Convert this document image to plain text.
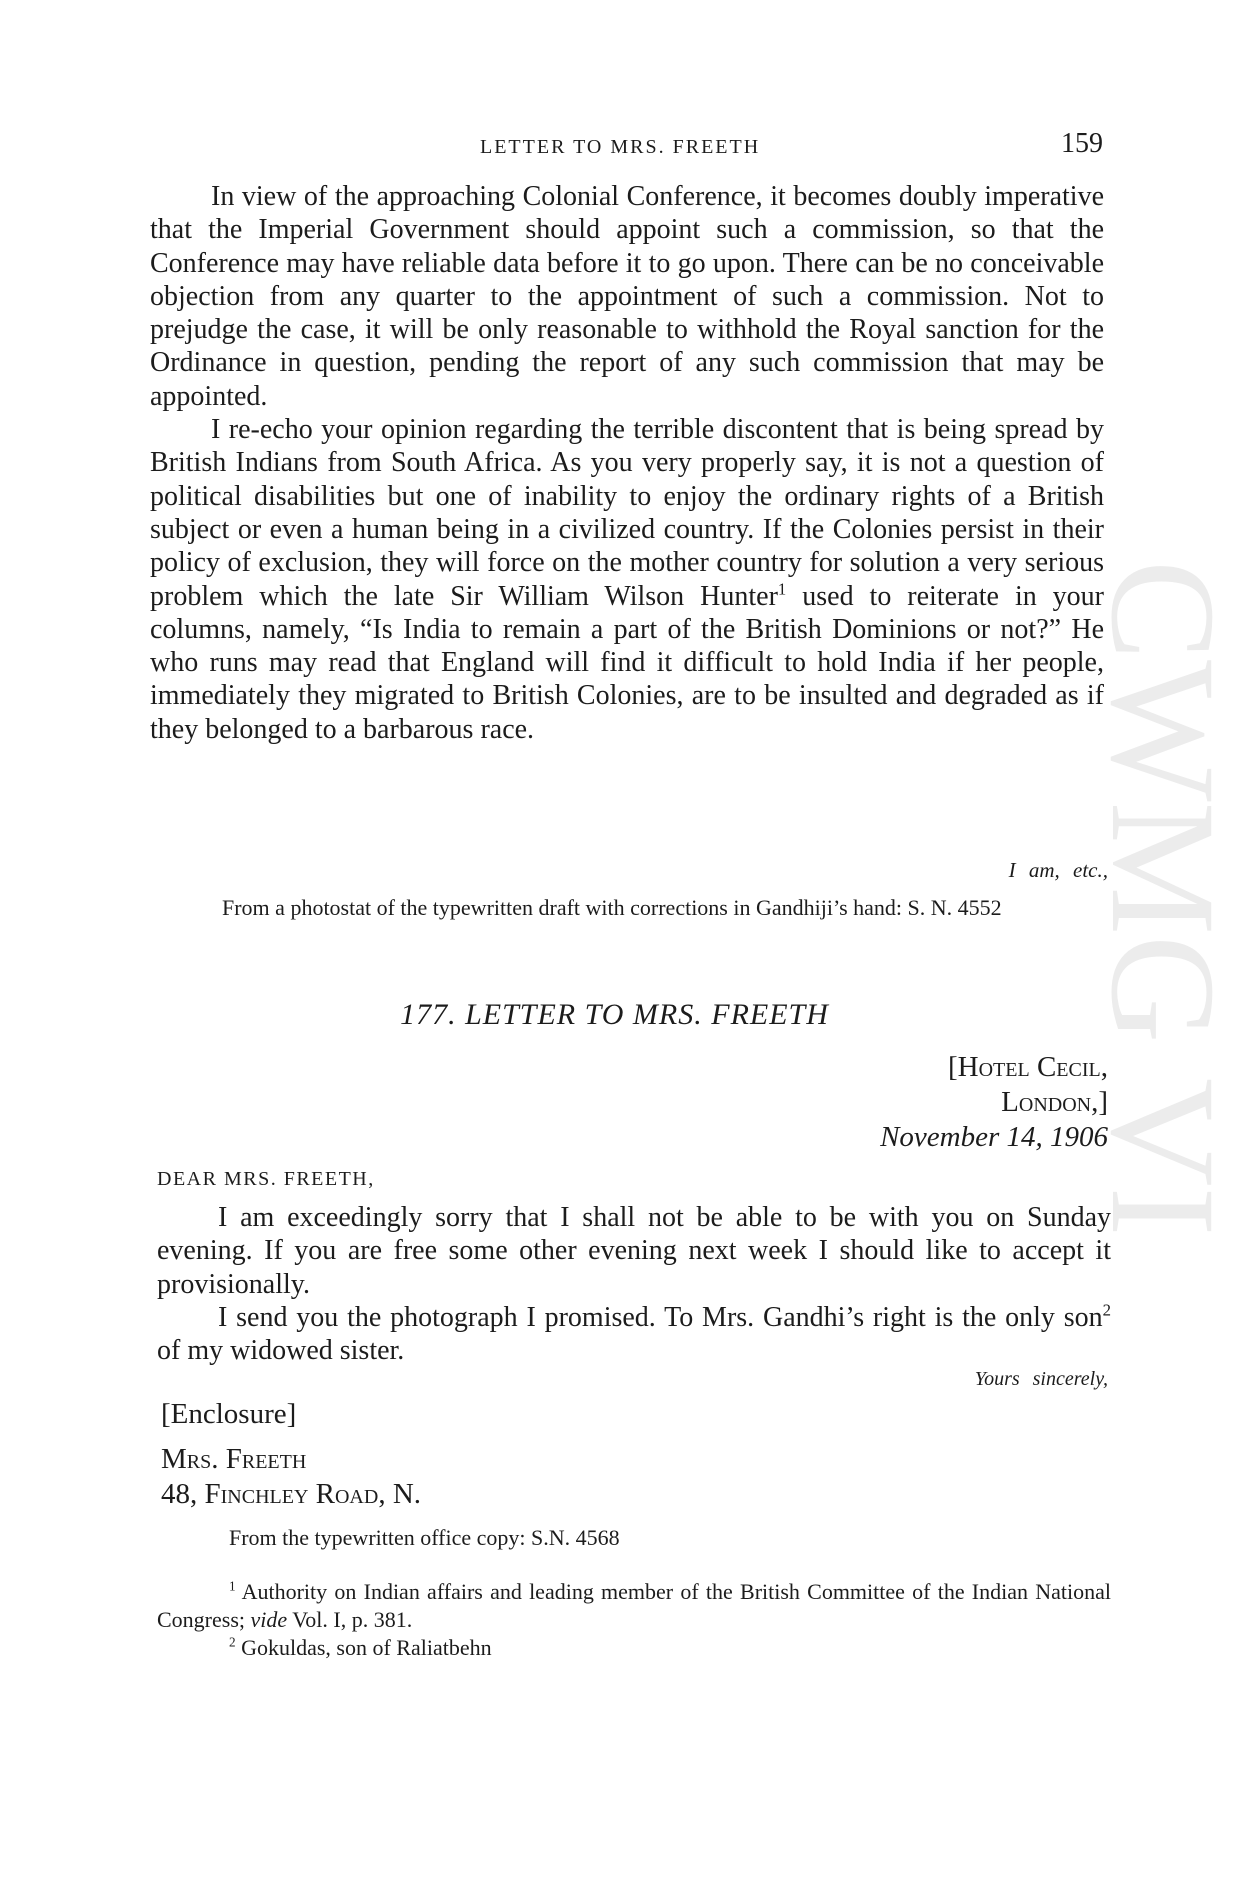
CWMG VI
LETTER TO MRS. FREETH	159

In view of the approaching Colonial Conference, it becomes doubly imperative that the Imperial Government should appoint such a commission, so that the Conference may have reliable data before it to go upon. There can be no conceivable objection from any quarter to the appointment of such a commission. Not to prejudge the case, it will be only reasonable to withhold the Royal sanction for the Ordinance in question, pending the report of any such commission that may be appointed.

I re-echo your opinion regarding the terrible discontent that is being spread by British Indians from South Africa. As you very properly say, it is not a question of political disabilities but one of inability to enjoy the ordinary rights of a British subject or even a human being in a civilized country. If the Colonies persist in their policy of exclusion, they will force on the mother country for solution a very serious problem which the late Sir William Wilson Hunter$^1$ used to reiterate in your columns, namely, “Is India to remain a part of the British Dominions or not?” He who runs may read that England will find it difficult to hold India if her people, immediately they migrated to British Colonies, are to be insulted and degraded as if they belonged to a barbarous race.

I am, etc.,

From a photostat of the typewritten draft with corrections in Gandhiji’s hand: S. N. 4552

177. LETTER TO MRS. FREETH
[Hotel Cecil,
London,]
November 14, 1906
DEAR MRS. FREETH,

I am exceedingly sorry that I shall not be able to be with you on Sunday evening. If you are free some other evening next week I should like to accept it provisionally.

I send you the photograph I promised. To Mrs. Gandhi’s right is the only son$^2$ of my widowed sister.

Yours sincerely,
[Enclosure]
Mrs. Freeth
48, Finchley Road, N.
From the typewritten office copy: S.N. 4568

$^1$ Authority on Indian affairs and leading member of the British Committee of the Indian National Congress; vide Vol. I, p. 381.

$^2$ Gokuldas, son of Raliatbehn
